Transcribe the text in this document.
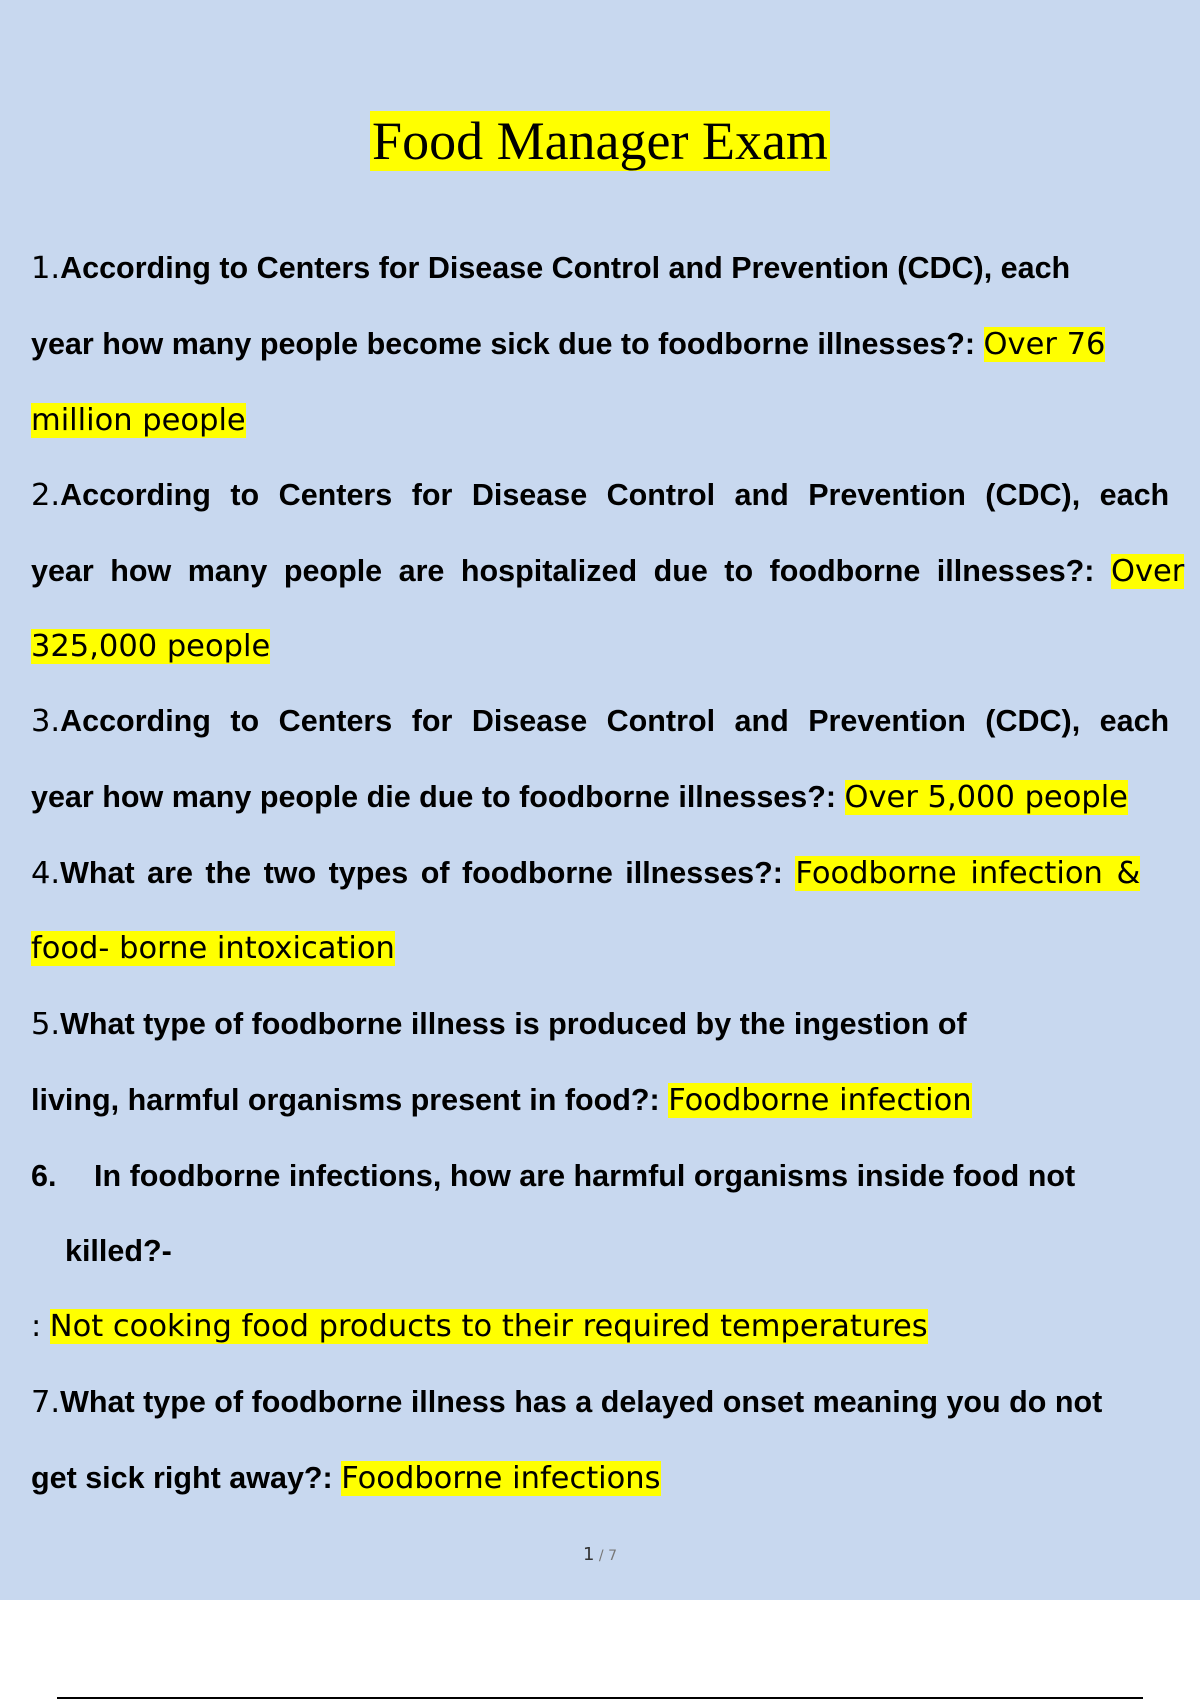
Food Manager Exam

1.According to Centers for Disease Control and Prevention (CDC), each

year how many people become sick due to foodborne illnesses?: Over 76

million people

2.According to Centers for Disease Control and Prevention (CDC), each

year how many people are hospitalized due to foodborne illnesses?: Over

325,000 people

3.According to Centers for Disease Control and Prevention (CDC), each

year how many people die due to foodborne illnesses?: Over 5,000 people

4.What are the two types of foodborne illnesses?: Foodborne infection &

food- borne intoxication

5.What type of foodborne illness is produced by the ingestion of

living, harmful organisms present in food?: Foodborne infection

6. In foodborne infections, how are harmful organisms inside food not

killed?-

: Not cooking food products to their required temperatures

7.What type of foodborne illness has a delayed onset meaning you do not

get sick right away?: Foodborne infections

1 / 7
